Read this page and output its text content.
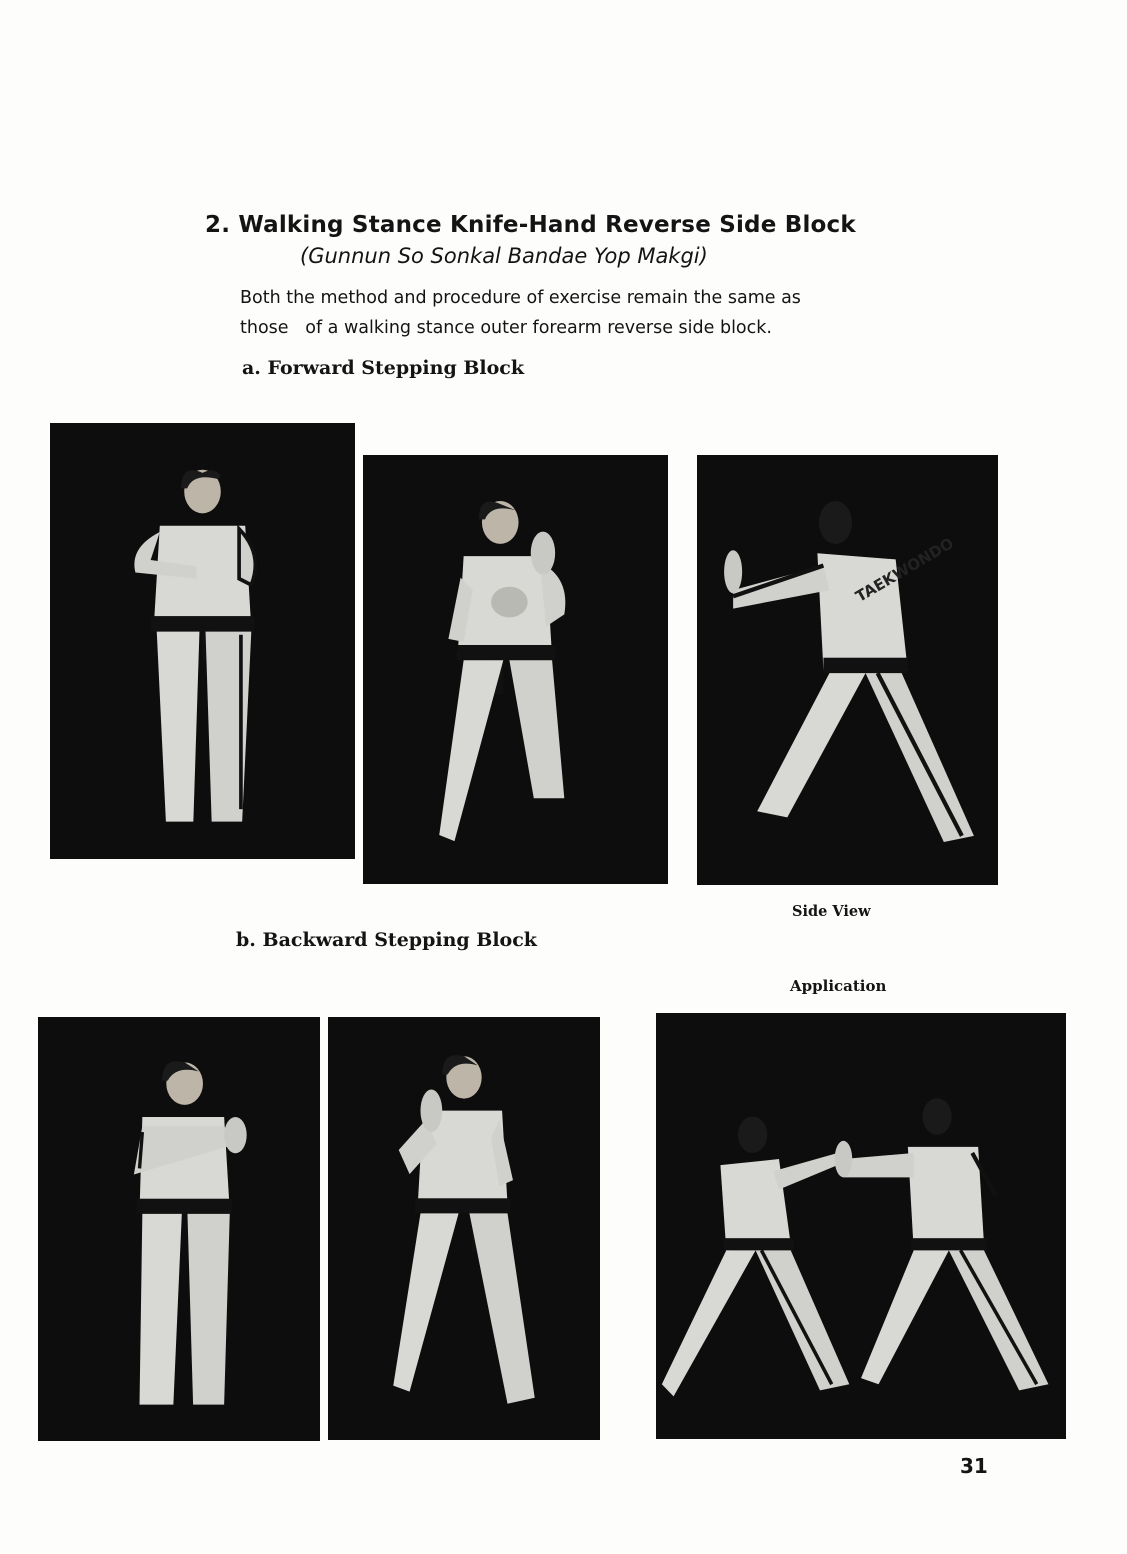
2. Walking Stance Knife-Hand Reverse Side Block
(Gunnun So Sonkal Bandae Yop Makgi)
Both the method and procedure of exercise remain the same as
those   of a walking stance outer forearm reverse side block.
a. Forward Stepping Block
TAEKWONDO
Side View
b. Backward Stepping Block
Application
31
